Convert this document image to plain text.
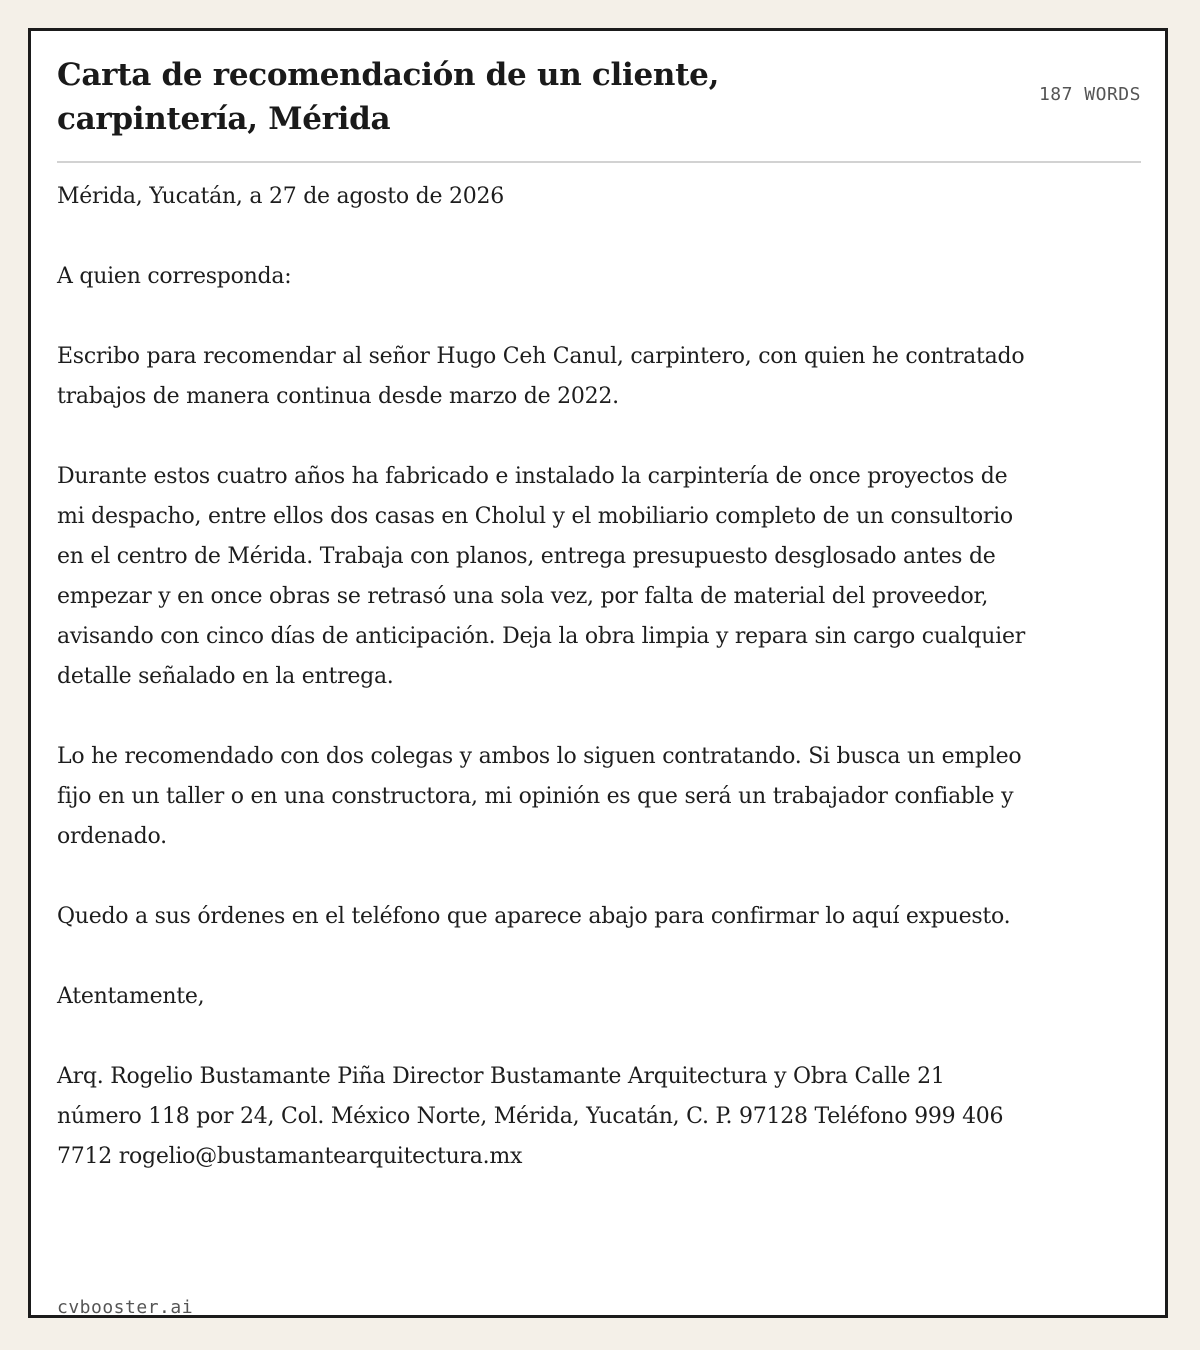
Carta de recomendación de un cliente, carpintería, Mérida
187 WORDS

Mérida, Yucatán, a 27 de agosto de 2026

A quien corresponda:

Escribo para recomendar al señor Hugo Ceh Canul, carpintero, con quien he contratado trabajos de manera continua desde marzo de 2022.

Durante estos cuatro años ha fabricado e instalado la carpintería de once proyectos de mi despacho, entre ellos dos casas en Cholul y el mobiliario completo de un consultorio en el centro de Mérida. Trabaja con planos, entrega presupuesto desglosado antes de empezar y en once obras se retrasó una sola vez, por falta de material del proveedor, avisando con cinco días de anticipación. Deja la obra limpia y repara sin cargo cualquier detalle señalado en la entrega.

Lo he recomendado con dos colegas y ambos lo siguen contratando. Si busca un empleo fijo en un taller o en una constructora, mi opinión es que será un trabajador confiable y ordenado.

Quedo a sus órdenes en el teléfono que aparece abajo para confirmar lo aquí expuesto.

Atentamente,

Arq. Rogelio Bustamante Piña Director Bustamante Arquitectura y Obra Calle 21 número 118 por 24, Col. México Norte, Mérida, Yucatán, C. P. 97128 Teléfono 999 406 7712 rogelio@bustamantearquitectura.mx

cvbooster.ai
